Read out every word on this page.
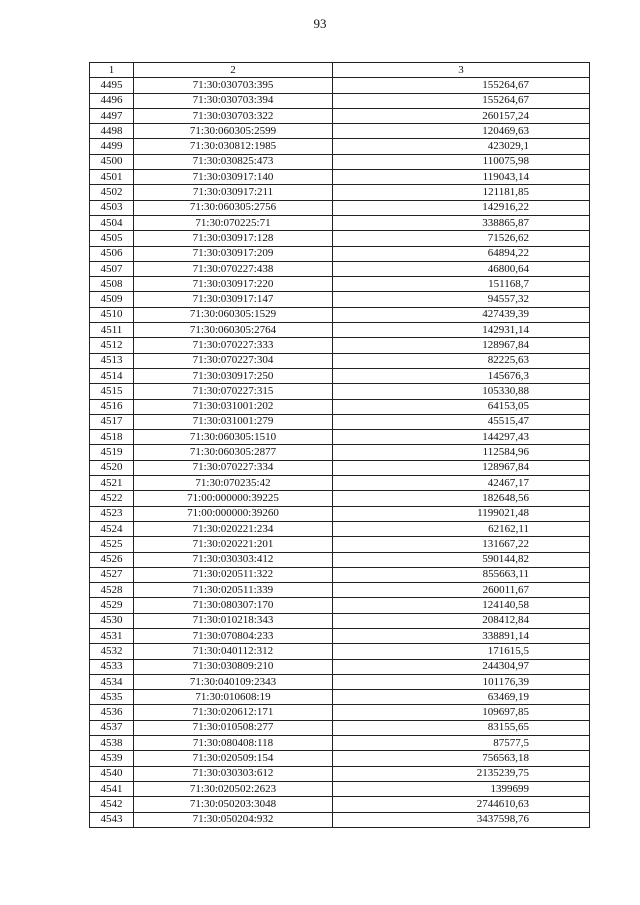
93
1	2	3
4495	71:30:030703:395	155264,67
4496	71:30:030703:394	155264,67
4497	71:30:030703:322	260157,24
4498	71:30:060305:2599	120469,63
4499	71:30:030812:1985	423029,1
4500	71:30:030825:473	110075,98
4501	71:30:030917:140	119043,14
4502	71:30:030917:211	121181,85
4503	71:30:060305:2756	142916,22
4504	71:30:070225:71	338865,87
4505	71:30:030917:128	71526,62
4506	71:30:030917:209	64894,22
4507	71:30:070227:438	46800,64
4508	71:30:030917:220	151168,7
4509	71:30:030917:147	94557,32
4510	71:30:060305:1529	427439,39
4511	71:30:060305:2764	142931,14
4512	71:30:070227:333	128967,84
4513	71:30:070227:304	82225,63
4514	71:30:030917:250	145676,3
4515	71:30:070227:315	105330,88
4516	71:30:031001:202	64153,05
4517	71:30:031001:279	45515,47
4518	71:30:060305:1510	144297,43
4519	71:30:060305:2877	112584,96
4520	71:30:070227:334	128967,84
4521	71:30:070235:42	42467,17
4522	71:00:000000:39225	182648,56
4523	71:00:000000:39260	1199021,48
4524	71:30:020221:234	62162,11
4525	71:30:020221:201	131667,22
4526	71:30:030303:412	590144,82
4527	71:30:020511:322	855663,11
4528	71:30:020511:339	260011,67
4529	71:30:080307:170	124140,58
4530	71:30:010218:343	208412,84
4531	71:30:070804:233	338891,14
4532	71:30:040112:312	171615,5
4533	71:30:030809:210	244304,97
4534	71:30:040109:2343	101176,39
4535	71:30:010608:19	63469,19
4536	71:30:020612:171	109697,85
4537	71:30:010508:277	83155,65
4538	71:30:080408:118	87577,5
4539	71:30:020509:154	756563,18
4540	71:30:030303:612	2135239,75
4541	71:30:020502:2623	1399699
4542	71:30:050203:3048	2744610,63
4543	71:30:050204:932	3437598,76
